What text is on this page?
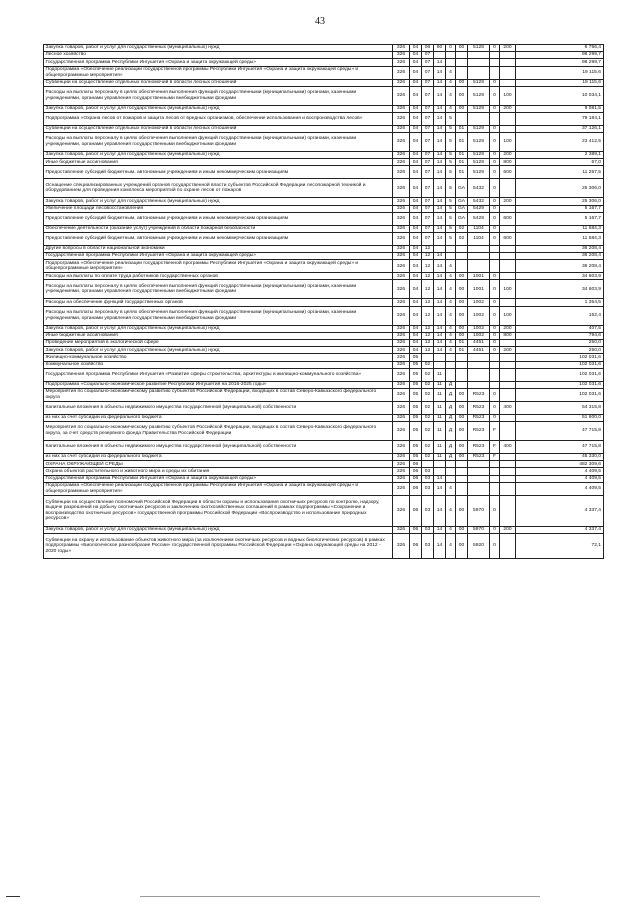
43
Закупка товаров, работ и услуг для государственных (муниципальных) нужд	326	04	06	90	0	00	5128	0	200	6 756,4
Лесное хозяйство	326	04	07							98 299,7
Государственная программа Республики Ингушетия «Охрана и защита окружающей среды»	326	04	07	14						98 299,7
Подпрограмма «Обеспечение реализации государственной программы Республики Ингушетия «Охрана и защита окружающей среды» и общепрограммные мероприятия»	326	04	07	14	4					19 115,6
Субвенции на осуществление отдельных полномочий в области лесных отношений	326	04	07	14	4	00	5129	0		19 115,6
Расходы на выплаты персоналу в целях обеспечения выполнения функций государственными (муниципальными) органами, казенными учреждениями, органами управления государственными внебюджетными фондами	326	04	07	14	4	00	5129	0	100	10 034,1
Закупка товаров, работ и услуг для государственных (муниципальных) нужд	326	04	07	14	4	00	5129	0	200	9 081,5
Подпрограмма «Охрана лесов от пожаров и защита лесов от вредных организмов, обеспечение использования и воспроизводства лесов»	326	04	07	14	5					79 184,1
Субвенции на осуществление отдельных полномочий в области лесных отношений	326	04	07	14	5	01	5129	0		37 126,1
Расходы на выплаты персоналу в целях обеспечения выполнения функций государственными (муниципальными) органами, казенными учреждениями, органами управления государственными внебюджетными фондами	326	04	07	14	5	01	5129	0	100	23 412,5
Закупка товаров, работ и услуг для государственных (муниципальных) нужд	326	04	07	14	5	01	5129	0	200	2 389,1
Иные бюджетные ассигнования	326	04	07	14	5	01	5129	0	800	67,0
Предоставление субсидий бюджетным, автономным учреждениям и иным некоммерческим организациям	326	04	07	14	5	01	5129	0	600	11 257,5
Оснащение специализированных учреждений органов государственной власти субъектов Российской Федерации лесопожарной техникой и оборудованием для проведения комплекса мероприятий по охране лесов от пожаров	326	04	07	14	5	GA	5432	0		25 306,0
Закупка товаров, работ и услуг для государственных (муниципальных) нужд	326	04	07	14	5	GA	5432	0	200	25 306,0
Увеличение площади лесовосстановления	326	04	07	14	5	GA	5429	0		5 167,7
Предоставление субсидий бюджетным, автономным учреждениям и иным некоммерческим организациям	326	04	07	14	5	GA	5429	0	600	5 167,7
Обеспечение деятельности (оказание услуг) учреждений в области пожарной безопасности	326	04	07	14	5	02	1104	0		11 584,3
Предоставление субсидий бюджетным, автономным учреждениям и иным некоммерческим организациям	326	04	07	14	5	02	1104	0	600	11 584,3
Другие вопросы в области национальной экономики	326	04	12							36 208,4
Государственная программа Республики Ингушетия «Охрана и защита окружающей среды»	326	04	12	14						36 208,4
Подпрограмма «Обеспечение реализации государственной программы Республики Ингушетия «Охрана и защита окружающей среды» и общепрограммные мероприятия»	326	04	12	14	4					36 208,4
Расходы на выплаты по оплате труда работников государственных органов	326	04	12	14	4	00	1001	0		34 603,9
Расходы на выплаты персоналу в целях обеспечения выполнения функций государственными (муниципальными) органами, казенными учреждениями, органами управления государственными внебюджетными фондами	326	04	12	14	4	00	1001	0	100	34 603,9
Расходы на обеспечение функций государственных органов	326	04	12	14	4	00	1002	0		1 354,5
Расходы на выплаты персоналу в целях обеспечения выполнения функций государственными (муниципальными) органами, казенными учреждениями, органами управления государственными внебюджетными фондами	326	04	12	14	4	00	1002	0	100	152,4
Закупка товаров, работ и услуг для государственных (муниципальных) нужд	326	04	12	14	4	00	1002	0	200	407,5
Иные бюджетные ассигнования	326	04	12	14	4	00	1002	0	800	794,6
Проведение мероприятий в экологической сфере	326	04	12	14	4	01	4451	0		250,0
Закупка товаров, работ и услуг для государственных (муниципальных) нужд	326	04	12	14	4	01	4451	0	200	250,0
Жилищно-коммунальное хозяйство	326	05								102 031,6
Коммунальное хозяйство	326	05	02							102 031,6
Государственная программа Республики Ингушетия «Развитие сферы строительства, архитектуры и жилищно-коммунального хозяйства»	326	05	02	11						102 031,6
Подпрограмма «Социально-экономическое развитие Республики Ингушетия на 2016-2025 годы»	326	05	02	11	Д					102 031,6
Мероприятия по социально-экономическому развитию субъектов Российской Федерации, входящих в состав Северо-Кавказского федерального округа	326	05	02	11	Д	00	R523	0		102 031,6
Капитальные вложения в объекты недвижимого имущества государственной (муниципальной) собственности	326	05	02	11	Д	00	R523	0	400	54 315,8
из них за счет субсидии из федерального бюджета	326	05	02	11	Д	00	R523	0		51 600,0
Мероприятия по социально-экономическому развитию субъектов Российской Федерации, входящих в состав Северо-Кавказского федерального округа, за счет средств резервного фонда Правительства Российской Федерации	326	05	02	11	Д	00	R523	F		47 715,8
Капитальные вложения в объекты недвижимого имущества государственной (муниципальной) собственности	326	05	02	11	Д	00	R523	F	400	47 715,8
из них за счет субсидии из федерального бюджета	326	05	02	11	Д	00	R523	F		45 330,0
ОХРАНА ОКРУЖАЮЩЕЙ СРЕДЫ	326	06								482 309,6
Охрана объектов растительного и животного мира и среды их обитания	326	06	03							4 409,5
Государственная программа Республики Ингушетия «Охрана и защита окружающей среды»	326	06	03	14						4 409,5
Подпрограмма «Обеспечение реализации государственной программы Республики Ингушетия «Охрана и защита окружающей среды» и общепрограммные мероприятия»	326	06	03	14	4					4 409,5
Субвенции на осуществление полномочий Российской Федерации в области охраны и использования охотничьих ресурсов по контролю, надзору, выдаче разрешений на добычу охотничьих ресурсов и заключению охотхозяйственных соглашений в рамках подпрограммы «Сохранение и воспроизводство охотничьих ресурсов» государственной программы Российской Федерации «Воспроизводство и использование природных ресурсов»	326	06	03	14	4	00	5970	0		4 337,4
Закупка товаров, работ и услуг для государственных (муниципальных) нужд	326	06	03	14	4	00	5970	0	200	4 337,4
Субвенции на охрану и использование объектов животного мира (за исключением охотничьих ресурсов и водных биологических ресурсов) в рамках подпрограммы «Биологическое разнообразие России» государственной программы Российской Федерации «Охрана окружающей среды на 2012 - 2020 годы»	326	06	03	14	4	00	5920	0		72,1
